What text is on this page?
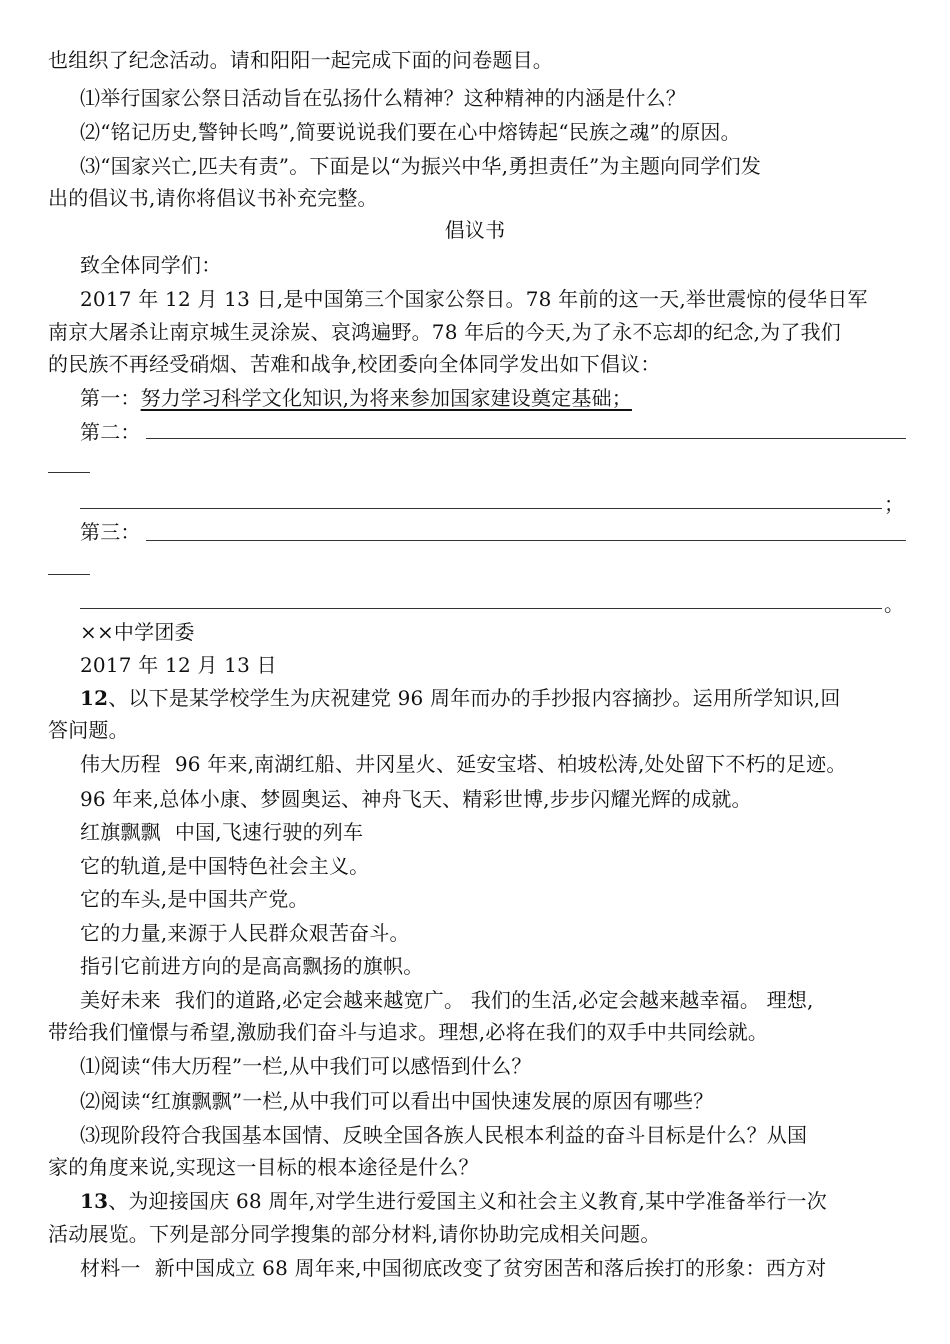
也组织了纪念活动。请和阳阳一起完成下面的问卷题目。
⑴举行国家公祭日活动旨在弘扬什么精神？这种精神的内涵是什么？
⑵“铭记历史,警钟长鸣”,简要说说我们要在心中熔铸起“民族之魂”的原因。
⑶“国家兴亡,匹夫有责”。下面是以“为振兴中华,勇担责任”为主题向同学们发
出的倡议书,请你将倡议书补充完整。
倡议书
致全体同学们：
2017 年 12 月 13 日,是中国第三个国家公祭日。78 年前的这一天,举世震惊的侵华日军
南京大屠杀让南京城生灵涂炭、哀鸿遍野。78 年后的今天,为了永不忘却的纪念,为了我们
的民族不再经受硝烟、苦难和战争,校团委向全体同学发出如下倡议：
第一：努力学习科学文化知识,为将来参加国家建设奠定基础；
第二：
；
第三：
。
××中学团委
2017 年 12 月 13 日
12、以下是某学校学生为庆祝建党 96 周年而办的手抄报内容摘抄。运用所学知识,回
答问题。
伟大历程 96 年来,南湖红船、井冈星火、延安宝塔、柏坡松涛,处处留下不朽的足迹。
96 年来,总体小康、梦圆奥运、神舟飞天、精彩世博,步步闪耀光辉的成就。
红旗飘飘 中国,飞速行驶的列车
它的轨道,是中国特色社会主义。
它的车头,是中国共产党。
它的力量,来源于人民群众艰苦奋斗。
指引它前进方向的是高高飘扬的旗帜。
美好未来 我们的道路,必定会越来越宽广。 我们的生活,必定会越来越幸福。 理想,
带给我们憧憬与希望,激励我们奋斗与追求。理想,必将在我们的双手中共同绘就。
⑴阅读“伟大历程”一栏,从中我们可以感悟到什么？
⑵阅读“红旗飘飘”一栏,从中我们可以看出中国快速发展的原因有哪些？
⑶现阶段符合我国基本国情、反映全国各族人民根本利益的奋斗目标是什么？从国
家的角度来说,实现这一目标的根本途径是什么？
13、为迎接国庆 68 周年,对学生进行爱国主义和社会主义教育,某中学准备举行一次
活动展览。下列是部分同学搜集的部分材料,请你协助完成相关问题。
材料一 新中国成立 68 周年来,中国彻底改变了贫穷困苦和落后挨打的形象：西方对
